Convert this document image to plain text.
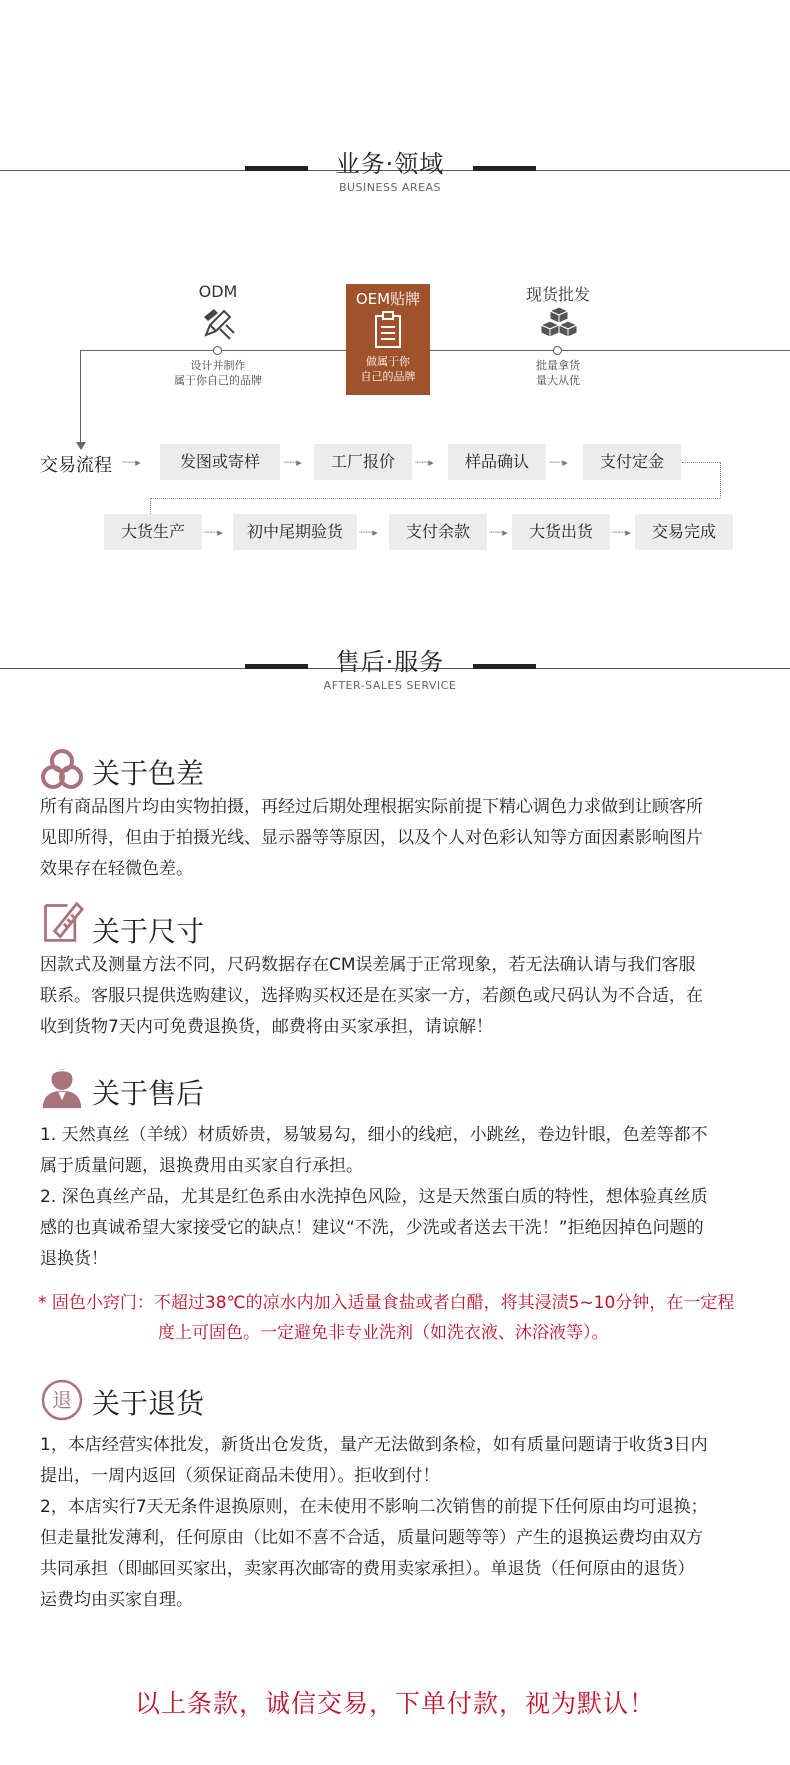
业务·领域
BUSINESS AREAS
ODM
设计并制作
属于你自己的品牌
OEM贴牌
做属于你
自己的品牌
现货批发
批量拿货
量大从优
交易流程 ┈┈▸	发图或寄样	┈┈▸	工厂报价	┈┈▸	样品确认	┈┈▸	支付定金
大货生产	┈┈▸	初中尾期验货	┈┈▸	支付余款	┈┈▸	大货出货	┈┈▸	交易完成
售后·服务
AFTER-SALES SERVICE
关于色差
所有商品图片均由实物拍摄，再经过后期处理根据实际前提下精心调色力求做到让顾客所
见即所得，但由于拍摄光线、显示器等等原因，以及个人对色彩认知等方面因素影响图片
效果存在轻微色差。
关于尺寸
因款式及测量方法不同，尺码数据存在CM误差属于正常现象，若无法确认请与我们客服
联系。客服只提供选购建议，选择购买权还是在买家一方，若颜色或尺码认为不合适，在
收到货物7天内可免费退换货，邮费将由买家承担，请谅解！
关于售后
1. 天然真丝（羊绒）材质娇贵，易皱易勾，细小的线疤，小跳丝，卷边针眼，色差等都不
属于质量问题，退换费用由买家自行承担。
2. 深色真丝产品，尤其是红色系由水洗掉色风险，这是天然蛋白质的特性，想体验真丝质
感的也真诚希望大家接受它的缺点！建议“不洗，少洗或者送去干洗！”拒绝因掉色问题的
退换货！
* 固色小窍门：不超过38℃的凉水内加入适量食盐或者白醋，将其浸渍5~10分钟，在一定程
度上可固色。一定避免非专业洗剂（如洗衣液、沐浴液等）。
退 关于退货
1，本店经营实体批发，新货出仓发货，量产无法做到条检，如有质量问题请于收货3日内
提出，一周内返回（须保证商品未使用）。拒收到付！
2，本店实行7天无条件退换原则，在未使用不影响二次销售的前提下任何原由均可退换；
但走量批发薄利，任何原由（比如不喜不合适，质量问题等等）产生的退换运费均由双方
共同承担（即邮回买家出，卖家再次邮寄的费用卖家承担）。单退货（任何原由的退货）
运费均由买家自理。
以上条款，诚信交易，下单付款，视为默认！
